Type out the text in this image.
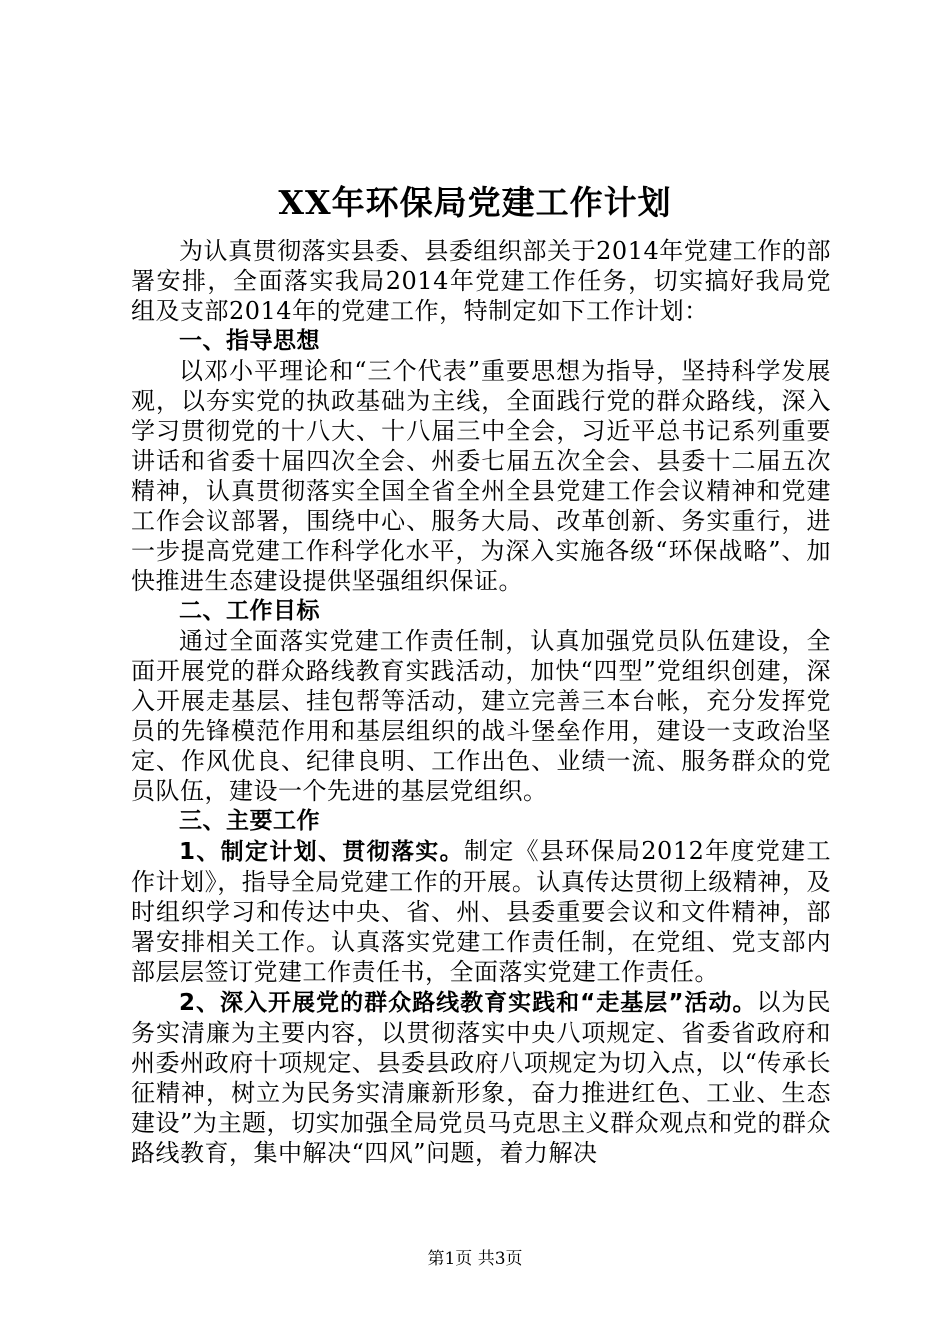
XX年环保局党建工作计划

为认真贯彻落实县委、县委组织部关于2014年党建工作的部署安排，全面落实我局2014年党建工作任务，切实搞好我局党组及支部2014年的党建工作，特制定如下工作计划：

一、指导思想

以邓小平理论和“三个代表”重要思想为指导，坚持科学发展观，以夯实党的执政基础为主线，全面践行党的群众路线，深入学习贯彻党的十八大、十八届三中全会，习近平总书记系列重要讲话和省委十届四次全会、州委七届五次全会、县委十二届五次精神，认真贯彻落实全国全省全州全县党建工作会议精神和党建工作会议部署，围绕中心、服务大局、改革创新、务实重行，进一步提高党建工作科学化水平，为深入实施各级“环保战略”、加快推进生态建设提供坚强组织保证。

二、工作目标

通过全面落实党建工作责任制，认真加强党员队伍建设，全面开展党的群众路线教育实践活动，加快“四型”党组织创建，深入开展走基层、挂包帮等活动，建立完善三本台帐，充分发挥党员的先锋模范作用和基层组织的战斗堡垒作用，建设一支政治坚定、作风优良、纪律良明、工作出色、业绩一流、服务群众的党员队伍，建设一个先进的基层党组织。

三、主要工作

1、制定计划、贯彻落实。制定《县环保局2012年度党建工作计划》，指导全局党建工作的开展。认真传达贯彻上级精神，及时组织学习和传达中央、省、州、县委重要会议和文件精神，部署安排相关工作。认真落实党建工作责任制，在党组、党支部内部层层签订党建工作责任书，全面落实党建工作责任。

2、深入开展党的群众路线教育实践和“走基层”活动。以为民务实清廉为主要内容，以贯彻落实中央八项规定、省委省政府和州委州政府十项规定、县委县政府八项规定为切入点，以“传承长征精神，树立为民务实清廉新形象，奋力推进红色、工业、生态建设”为主题，切实加强全局党员马克思主义群众观点和党的群众路线教育，集中解决“四风”问题，着力解决

第1页 共3页
